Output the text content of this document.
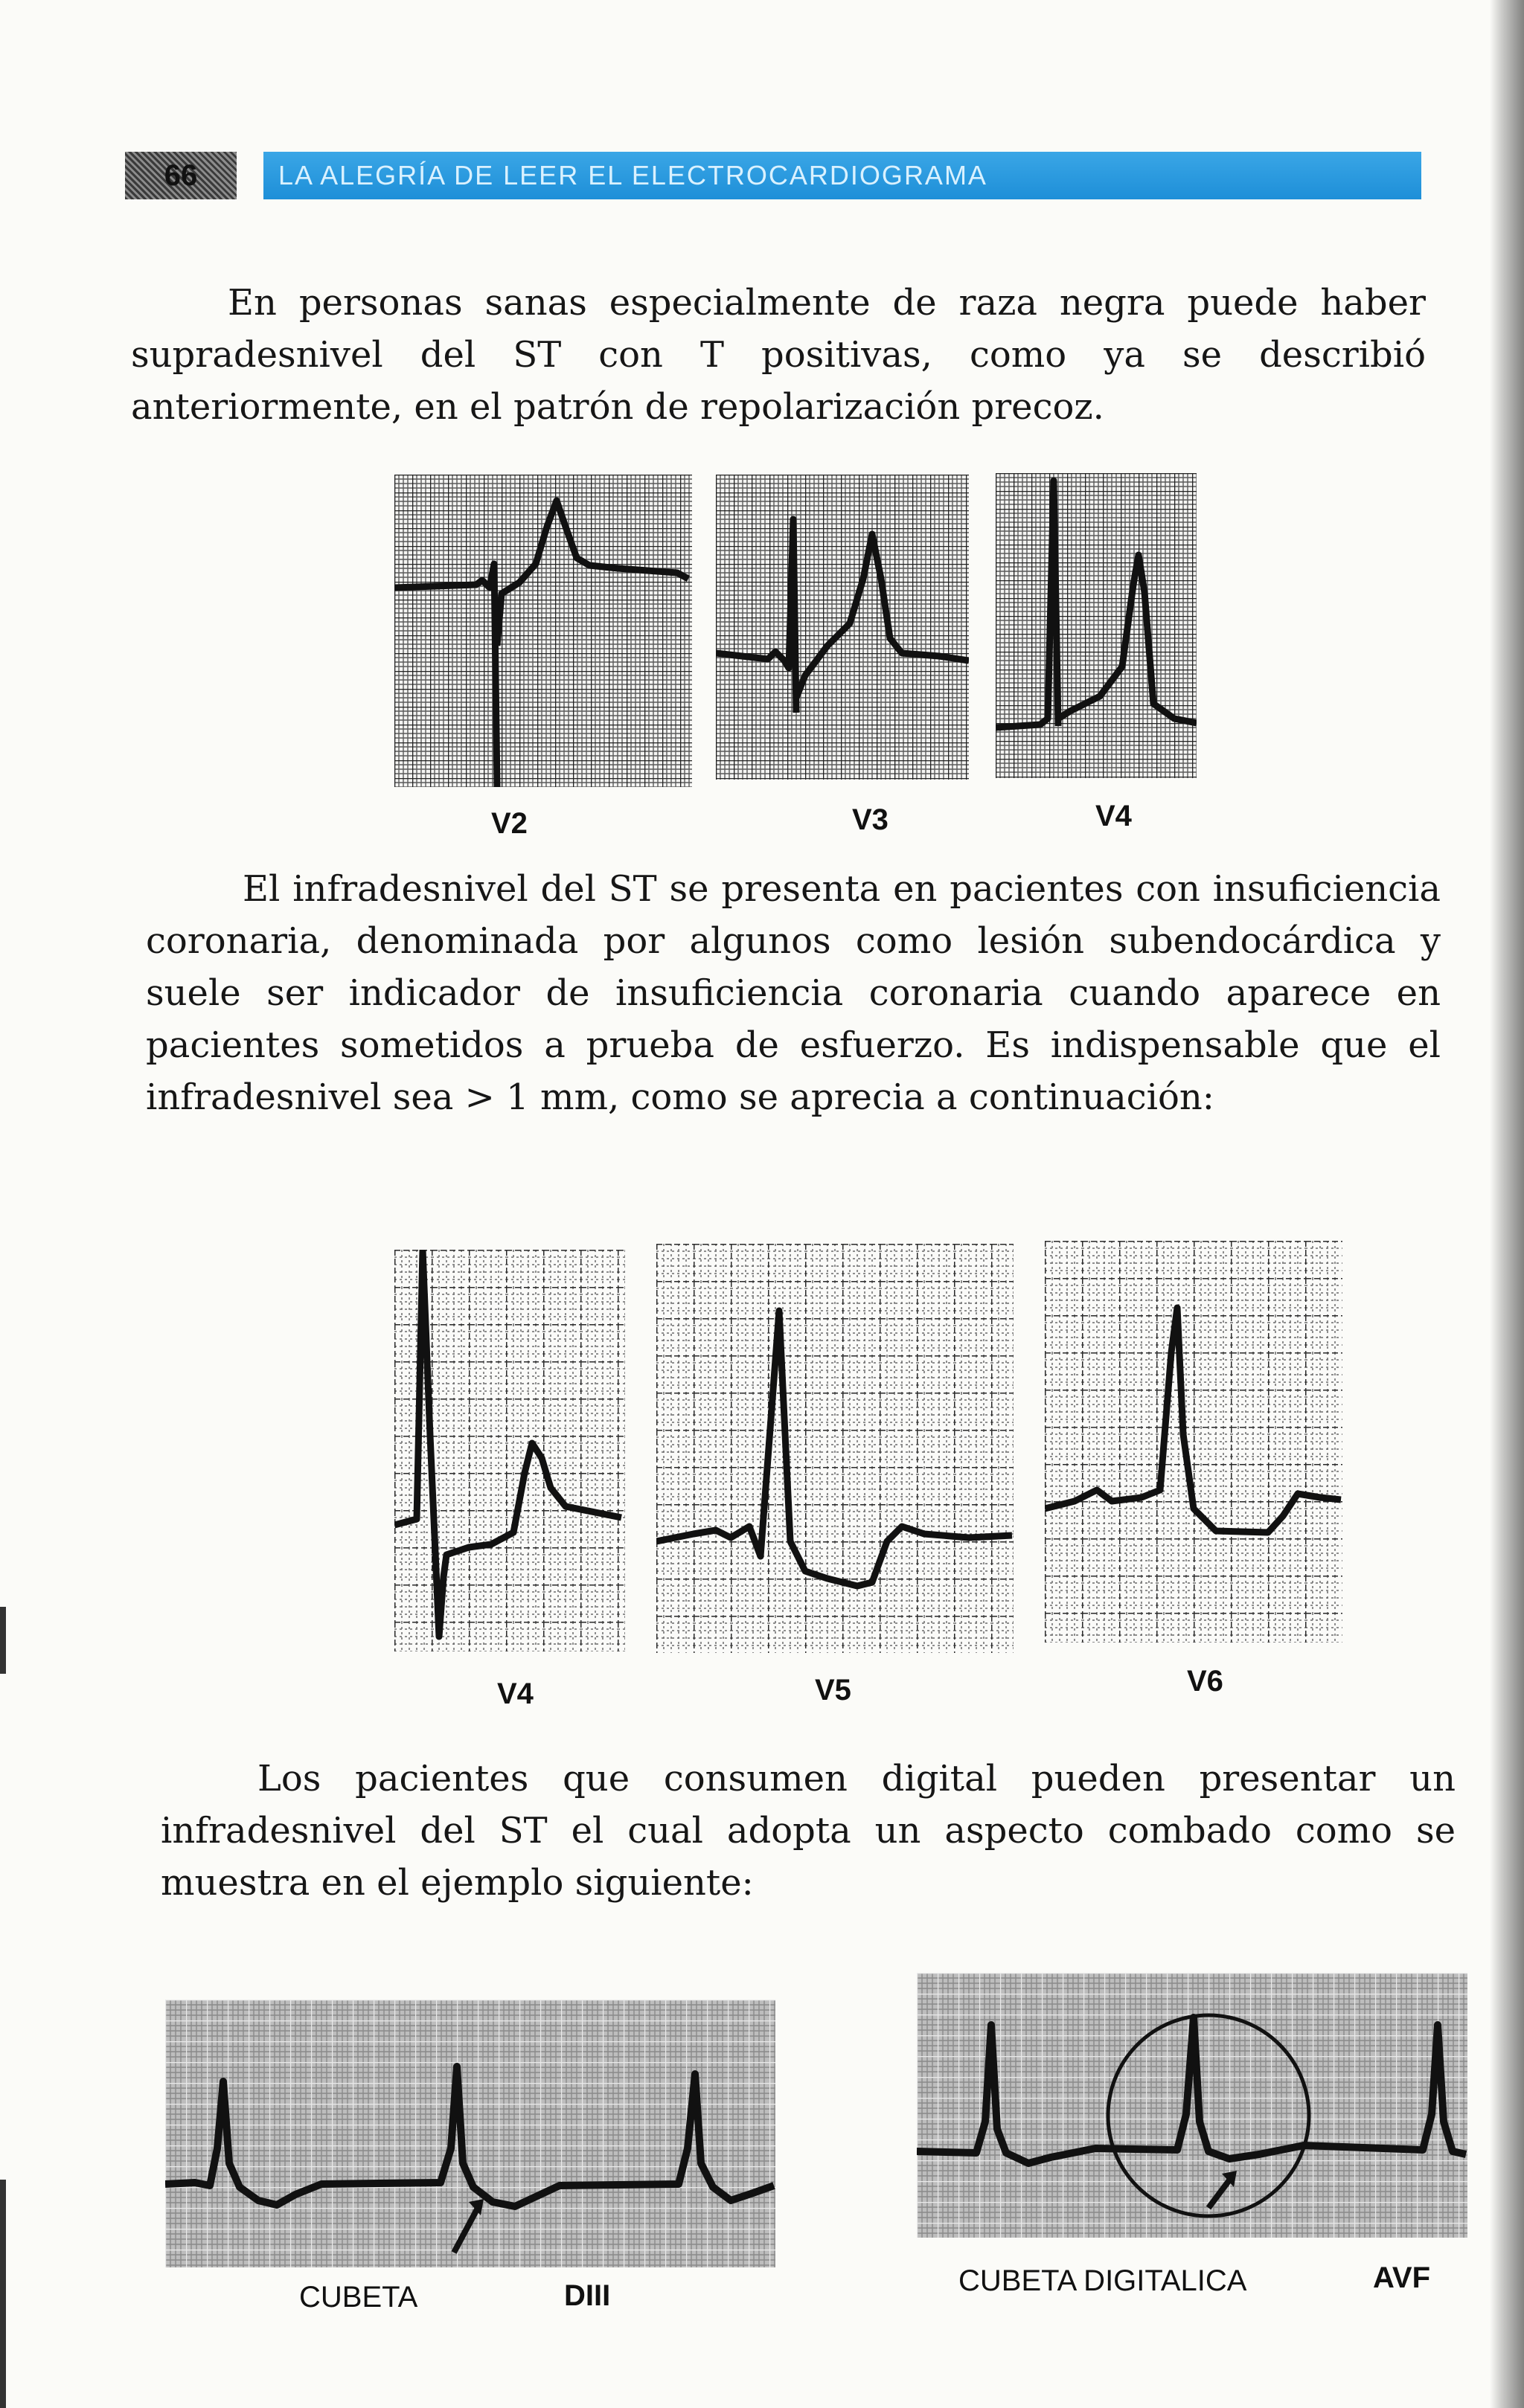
66	LA ALEGRÍA DE LEER EL ELECTROCARDIOGRAMA

En personas sanas especialmente de raza negra puede haber supradesnivel del ST con T positivas, como ya se describió anteriormente, en el patrón de repolarización precoz.

V2	V3	V4

El infradesnivel del ST se presenta en pacientes con insuficiencia coronaria, denominada por algunos como lesión subendocárdica y suele ser indicador de insuficiencia coronaria cuando aparece en pacientes sometidos a prueba de esfuerzo. Es indispensable que el infradesnivel sea > 1 mm, como se aprecia a continuación:

V4	V5	V6

Los pacientes que consumen digital pueden presentar un infradesnivel del ST el cual adopta un aspecto combado como se muestra en el ejemplo siguiente:

CUBETA	DIII	CUBETA DIGITALICA	AVF
